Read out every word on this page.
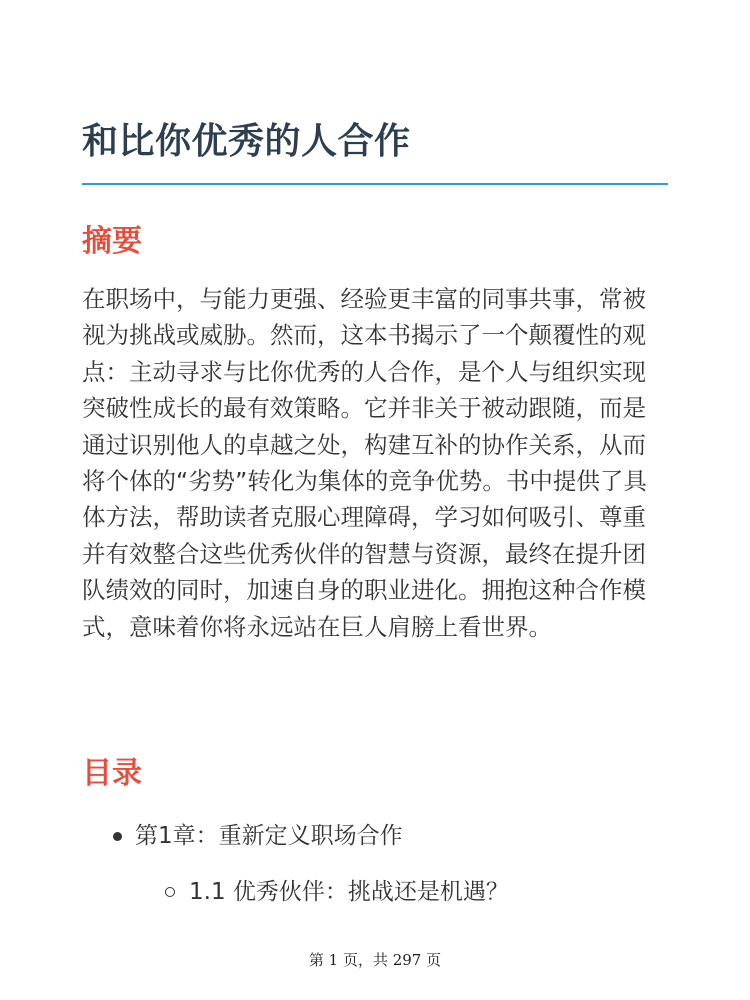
和比你优秀的人合作
摘要

在职场中，与能力更强、经验更丰富的同事共事，常被视为挑战或威胁。然而，这本书揭示了一个颠覆性的观点：主动寻求与比你优秀的人合作，是个人与组织实现突破性成长的最有效策略。它并非关于被动跟随，而是通过识别他人的卓越之处，构建互补的协作关系，从而将个体的“劣势”转化为集体的竞争优势。书中提供了具体方法，帮助读者克服心理障碍，学习如何吸引、尊重并有效整合这些优秀伙伴的智慧与资源，最终在提升团队绩效的同时，加速自身的职业进化。拥抱这种合作模式，意味着你将永远站在巨人肩膀上看世界。

目录
第1章：重新定义职场合作
1.1 优秀伙伴：挑战还是机遇？
第 1 页，共 297 页
